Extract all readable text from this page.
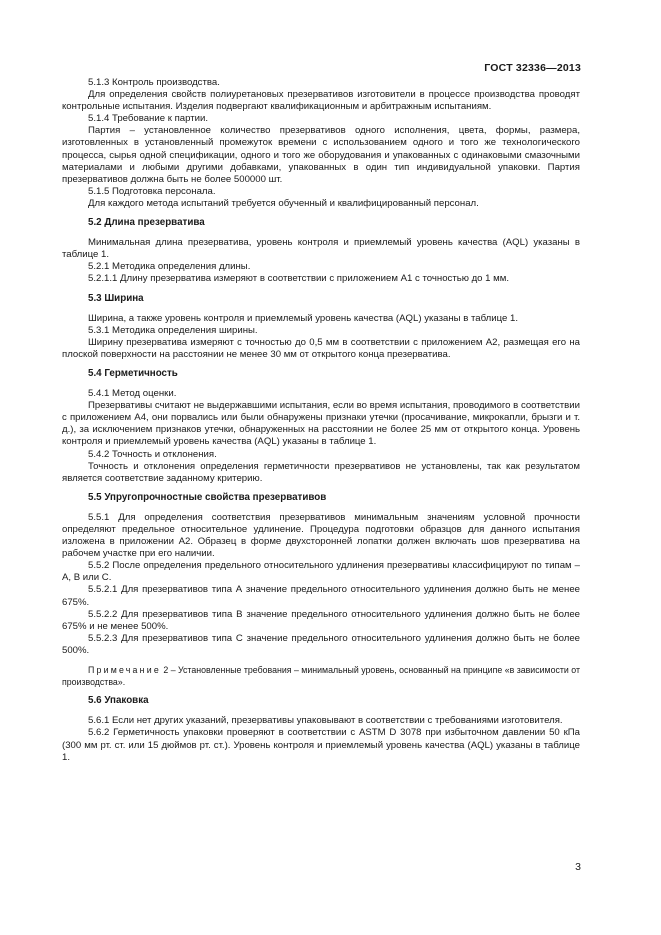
ГОСТ 32336—2013

5.1.3 Контроль производства.

Для определения свойств полиуретановых презервативов изготовители в процессе производства проводят контрольные испытания. Изделия подвергают квалификационным и арбитражным испытаниям.

5.1.4 Требование к партии.

Партия – установленное количество презервативов одного исполнения, цвета, формы, размера, изготовленных в установленный промежуток времени с использованием одного и того же технологического процесса, сырья одной спецификации, одного и того же оборудования и упакованных с одинаковыми смазочными материалами и любыми другими добавками, упакованных в один тип индивидуальной упаковки. Партия презервативов должна быть не более 500000 шт.

5.1.5 Подготовка персонала.

Для каждого метода испытаний требуется обученный и квалифицированный персонал.

5.2 Длина презерватива

Минимальная длина презерватива, уровень контроля и приемлемый уровень качества (AQL) указаны в таблице 1.

5.2.1 Методика определения длины.

5.2.1.1 Длину презерватива измеряют в соответствии с приложением А1 с точностью до 1 мм.

5.3 Ширина

Ширина, а также уровень контроля и приемлемый уровень качества (AQL) указаны в таблице 1.

5.3.1 Методика определения ширины.

Ширину презерватива измеряют с точностью до 0,5 мм в соответствии с приложением А2, размещая его на плоской поверхности на расстоянии не менее 30 мм от открытого конца презерватива.

5.4 Герметичность

5.4.1 Метод оценки.

Презервативы считают не выдержавшими испытания, если во время испытания, проводимого в соответствии с приложением А4, они порвались или были обнаружены признаки утечки (просачивание, микрокапли, брызги и т. д.), за исключением признаков утечки, обнаруженных на расстоянии не более 25 мм от открытого конца. Уровень контроля и приемлемый уровень качества (AQL) указаны в таблице 1.

5.4.2 Точность и отклонения.

Точность и отклонения определения герметичности презервативов не установлены, так как результатом является соответствие заданному критерию.

5.5 Упругопрочностные свойства презервативов

5.5.1 Для определения соответствия презервативов минимальным значениям условной прочности определяют предельное относительное удлинение. Процедура подготовки образцов для данного испытания изложена в приложении А2. Образец в форме двухсторонней лопатки должен включать шов презерватива на рабочем участке при его наличии.

5.5.2 После определения предельного относительного удлинения презервативы классифицируют по типам – А, В или С.

5.5.2.1 Для презервативов типа А значение предельного относительного удлинения должно быть не менее 675%.

5.5.2.2 Для презервативов типа В значение предельного относительного удлинения должно быть не более 675% и не менее 500%.

5.5.2.3 Для презервативов типа С значение предельного относительного удлинения должно быть не более 500%.

Примечание 2 – Установленные требования – минимальный уровень, основанный на принципе «в зависимости от производства».

5.6 Упаковка

5.6.1 Если нет других указаний, презервативы упаковывают в соответствии с требованиями изготовителя.

5.6.2 Герметичность упаковки проверяют в соответствии с ASTM D 3078 при избыточном давлении 50 кПа (300 мм рт. ст. или 15 дюймов рт. ст.). Уровень контроля и приемлемый уровень качества (AQL) указаны в таблице 1.

3
